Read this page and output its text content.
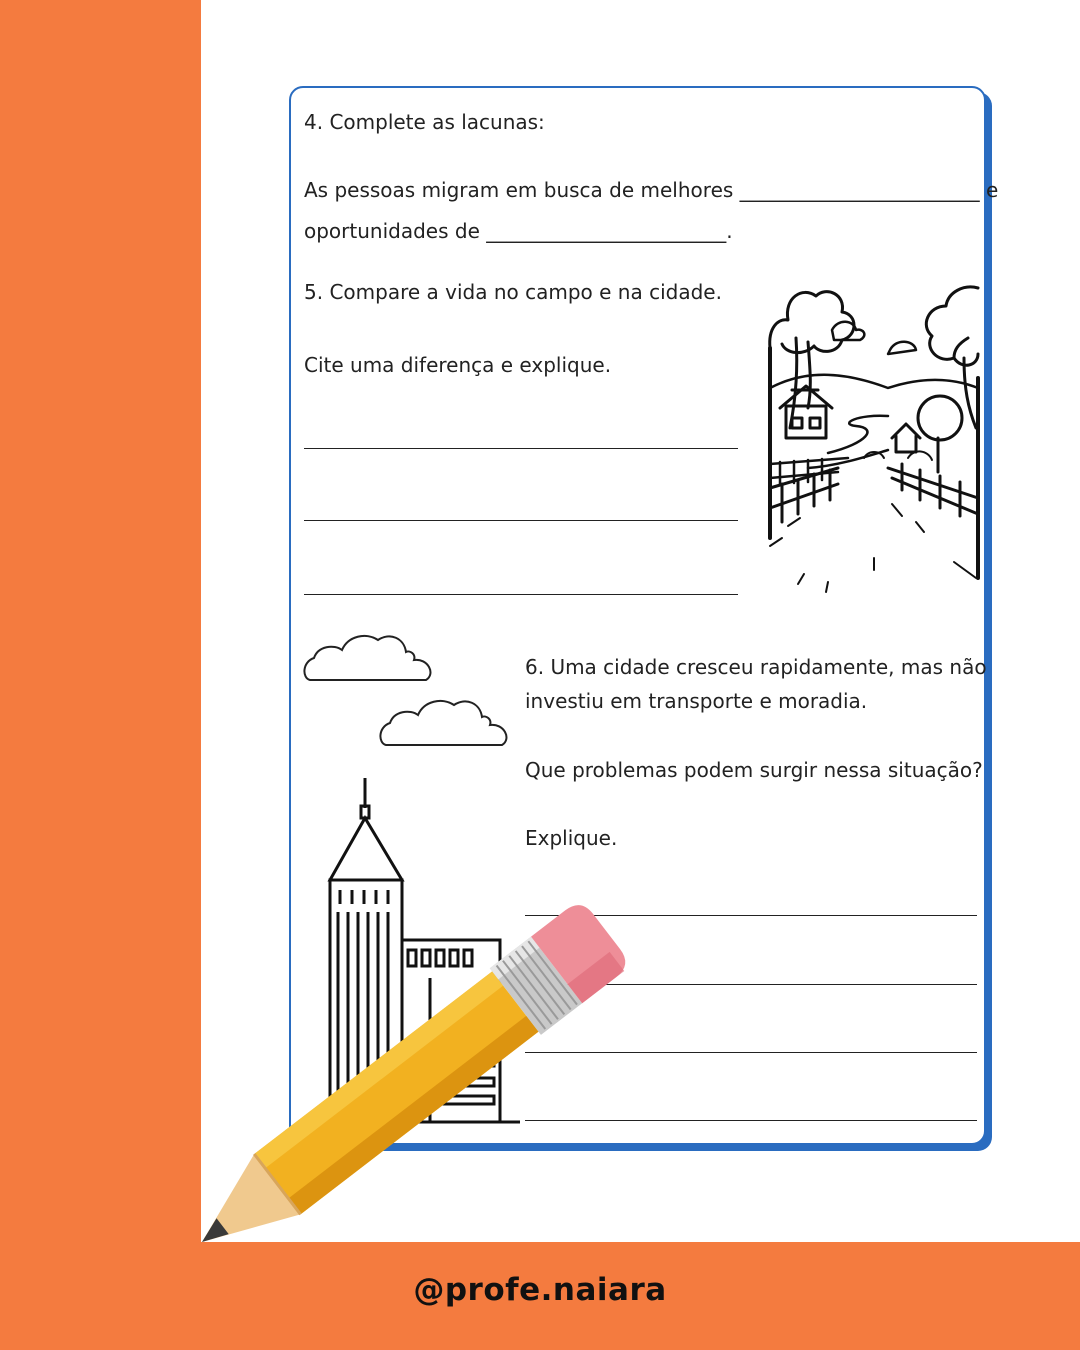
4. Complete as lacunas:
As pessoas migram em busca de melhores ________________________ e
oportunidades de ________________________.
5. Compare a vida no campo e na cidade.
Cite uma diferença e explique.
6. Uma cidade cresceu rapidamente, mas não
investiu em transporte e moradia.
Que problemas podem surgir nessa situação?
Explique.
@profe.naiara
